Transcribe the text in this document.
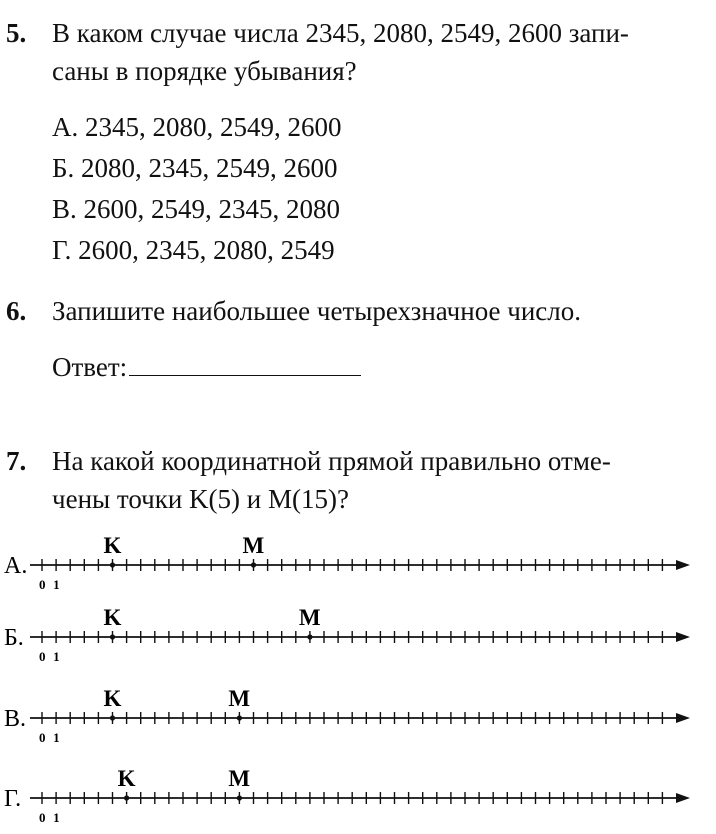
5. В каком случае числа 2345, 2080, 2549, 2600 запи-
саны в порядке убывания?
А. 2345, 2080, 2549, 2600
Б. 2080, 2345, 2549, 2600
В. 2600, 2549, 2345, 2080
Г. 2600, 2345, 2080, 2549
6. Запишите наибольшее четырехзначное число.
Ответ:
7. На какой координатной прямой правильно отме-
чены точки K(5) и M(15)?
А.
0 1
K	M
Б.
0 1
K	M
В.
0 1
K	M
Г.
0 1
K	M
